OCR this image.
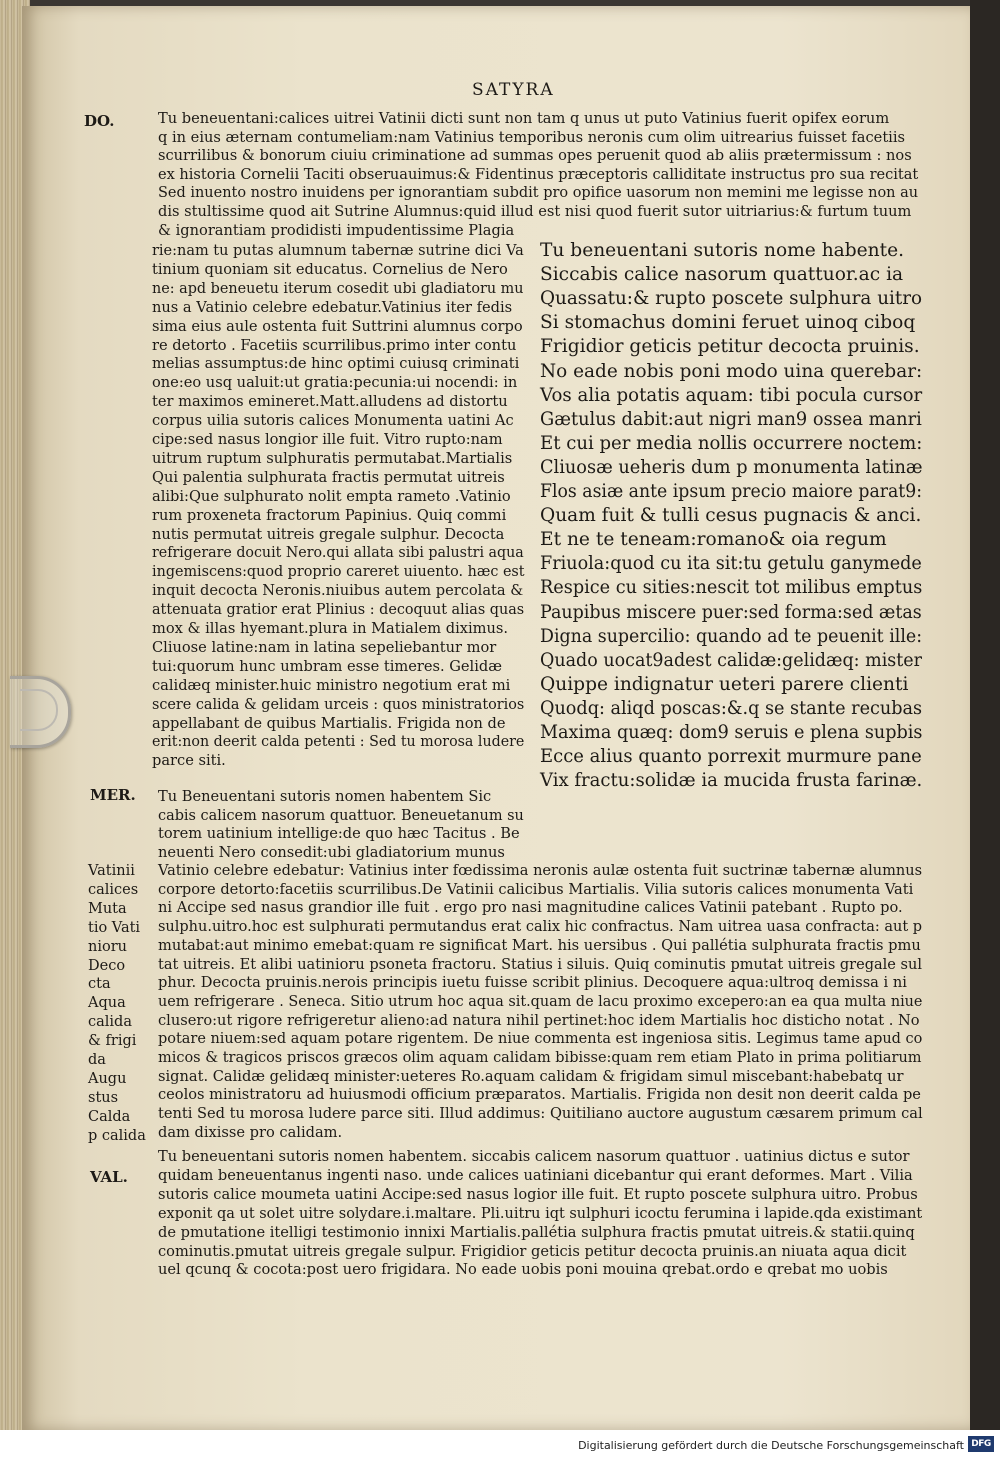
SATYRA
DO.
MER.
VAL.
Tu beneuentani:calices uitrei Vatinii dicti sunt non tam q unus ut puto Vatinius fuerit opifex eorum
q in eius æternam contumeliam:nam Vatinius temporibus neronis cum olim uitrearius fuisset facetiis
scurrilibus & bonorum ciuiu criminatione ad summas opes peruenit quod ab aliis prætermissum : nos
ex historia Cornelii Taciti obseruauimus:& Fidentinus præceptoris calliditate instructus pro sua recitat
Sed inuento nostro inuidens per ignorantiam subdit pro opifice uasorum non memini me legisse non au
dis stultissime quod ait Sutrine Alumnus:quid illud est nisi quod fuerit sutor uitriarius:& furtum tuum
& ignorantiam prodidisti impudentissime Plagia
rie:nam tu putas alumnum tabernæ sutrine dici Va
tinium quoniam sit educatus. Cornelius de Nero
ne: apd beneuetu iterum cosedit ubi gladiatoru mu
nus a Vatinio celebre edebatur.Vatinius iter fedis
sima eius aule ostenta fuit Suttrini alumnus corpo
re detorto . Facetiis scurrilibus.primo inter contu
melias assumptus:de hinc optimi cuiusq criminati
one:eo usq ualuit:ut gratia:pecunia:ui nocendi: in
ter maximos emineret.Matt.alludens ad distortu
corpus uilia sutoris calices Monumenta uatini Ac
cipe:sed nasus longior ille fuit. Vitro rupto:nam
uitrum ruptum sulphuratis permutabat.Martialis
Qui palentia sulphurata fractis permutat uitreis
alibi:Que sulphurato nolit empta rameto .Vatinio
rum proxeneta fractorum Papinius. Quiq commi
nutis permutat uitreis gregale sulphur. Decocta
refrigerare docuit Nero.qui allata sibi palustri aqua
ingemiscens:quod proprio careret uiuento. hæc est
inquit decocta Neronis.niuibus autem percolata &
attenuata gratior erat Plinius : decoquut alias quas
mox & illas hyemant.plura in Matialem diximus.
Cliuose latine:nam in latina sepeliebantur mor
tui:quorum hunc umbram esse timeres. Gelidæ
calidæq minister.huic ministro negotium erat mi
scere calida & gelidam urceis : quos ministratorios
appellabant de quibus Martialis. Frigida non de
erit:non deerit calda petenti : Sed tu morosa ludere
parce siti.
Tu beneuentani sutoris nome habente.
Siccabis calice nasorum quattuor.ac ia
Quassatu:& rupto poscete sulphura uitro
Si stomachus domini feruet uinoq ciboq
Frigidior geticis petitur decocta pruinis.
No eade nobis poni modo uina querebar:
Vos alia potatis aquam: tibi pocula cursor
Gætulus dabit:aut nigri man9 ossea manri
Et cui per media nollis occurrere noctem:
Cliuosæ ueheris dum p monumenta latinæ
Flos asiæ ante ipsum precio maiore parat9:
Quam fuit & tulli cesus pugnacis & anci.
Et ne te teneam:romano& oia regum
Friuola:quod cu ita sit:tu getulu ganymede
Respice cu sities:nescit tot milibus emptus
Paupibus miscere puer:sed forma:sed ætas
Digna supercilio: quando ad te peuenit ille:
Quado uocat9adest calidæ:gelidæq: mister
Quippe indignatur ueteri parere clienti
Quodq: aliqd poscas:&.q se stante recubas
Maxima quæq: dom9 seruis e plena supbis
Ecce alius quanto porrexit murmure pane
Vix fractu:solidæ ia mucida frusta farinæ.
Tu Beneuentani sutoris nomen habentem Sic
cabis calicem nasorum quattuor. Beneuetanum su
torem uatinium intellige:de quo hæc Tacitus . Be
neuenti Nero consedit:ubi gladiatorium munus
Vatinio celebre edebatur: Vatinius inter fœdissima neronis aulæ ostenta fuit suctrinæ tabernæ alumnus
corpore detorto:facetiis scurrilibus.De Vatinii calicibus Martialis. Vilia sutoris calices monumenta Vati
ni Accipe sed nasus grandior ille fuit . ergo pro nasi magnitudine calices Vatinii patebant . Rupto po.
sulphu.uitro.hoc est sulphurati permutandus erat calix hic confractus. Nam uitrea uasa confracta: aut p
mutabat:aut minimo emebat:quam re significat Mart. his uersibus . Qui pallétia sulphurata fractis pmu
tat uitreis. Et alibi uatinioru psoneta fractoru. Statius i siluis. Quiq cominutis pmutat uitreis gregale sul
phur. Decocta pruinis.nerois principis iuetu fuisse scribit plinius. Decoquere aqua:ultroq demissa i ni
uem refrigerare . Seneca. Sitio utrum hoc aqua sit.quam de lacu proximo excepero:an ea qua multa niue
clusero:ut rigore refrigeretur alieno:ad natura nihil pertinet:hoc idem Martialis hoc disticho notat . No
potare niuem:sed aquam potare rigentem. De niue commenta est ingeniosa sitis. Legimus tame apud co
micos & tragicos priscos græcos olim aquam calidam bibisse:quam rem etiam Plato in prima politiarum
signat. Calidæ gelidæq minister:ueteres Ro.aquam calidam & frigidam simul miscebant:habebatq ur
ceolos ministratoru ad huiusmodi officium præparatos. Martialis. Frigida non desit non deerit calda pe
tenti Sed tu morosa ludere parce siti. Illud addimus: Quitiliano auctore augustum cæsarem primum cal
dam dixisse pro calidam.
Tu beneuentani sutoris nomen habentem. siccabis calicem nasorum quattuor . uatinius dictus e sutor
quidam beneuentanus ingenti naso. unde calices uatiniani dicebantur qui erant deformes. Mart . Vilia
sutoris calice moumeta uatini Accipe:sed nasus logior ille fuit. Et rupto poscete sulphura uitro. Probus
exponit qa ut solet uitre solydare.i.maltare. Pli.uitru iqt sulphuri icoctu ferumina i lapide.qda existimant
de pmutatione itelligi testimonio innixi Martialis.pallétia sulphura fractis pmutat uitreis.& statii.quinq
cominutis.pmutat uitreis gregale sulpur. Frigidior geticis petitur decocta pruinis.an niuata aqua dicit
uel qcunq & cocota:post uero frigidara. No eade uobis poni mouina qrebat.ordo e qrebat mo uobis
Vatinii
calices
Muta
tio Vati
nioru
Deco
cta
Aqua
calida
& frigi
da
Augu
stus
Calda
p calida
Digitalisierung gefördert durch die Deutsche Forschungsgemeinschaft DFG
